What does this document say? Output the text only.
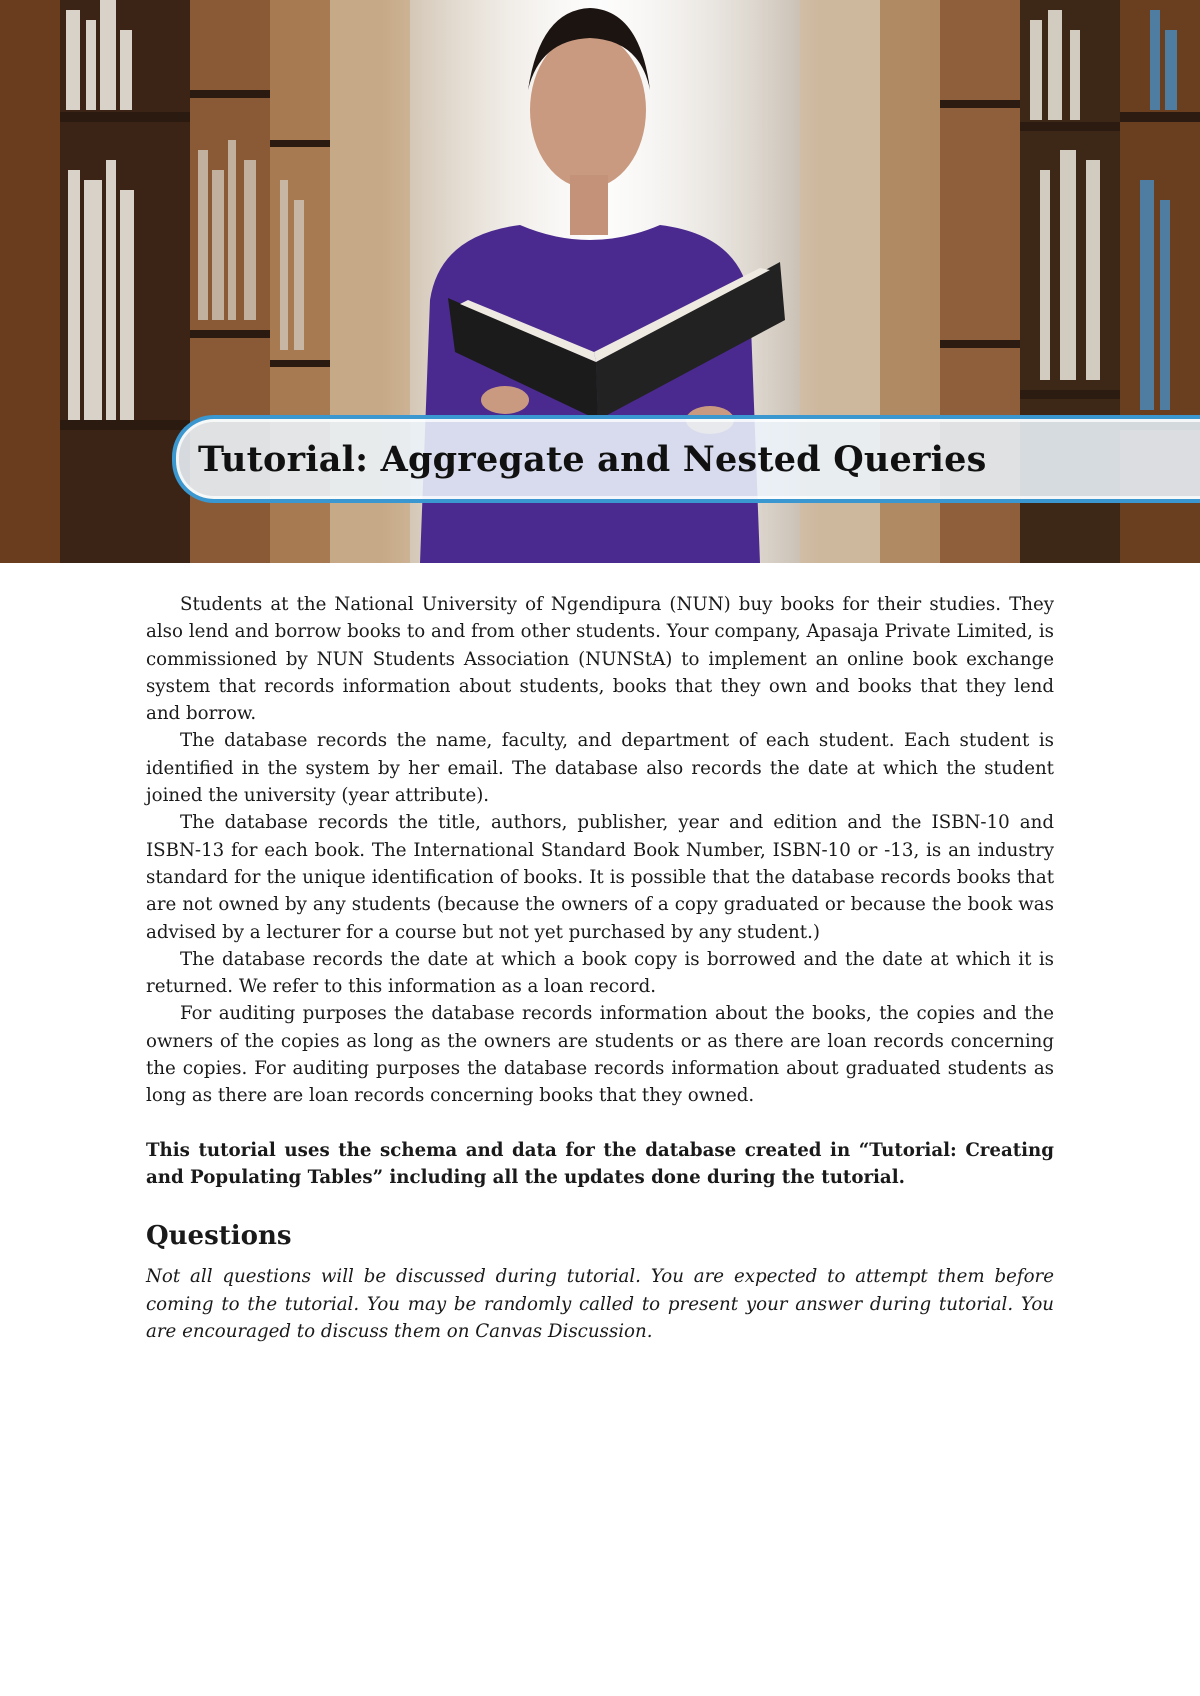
Tutorial: Aggregate and Nested Queries

Students at the National University of Ngendipura (NUN) buy books for their studies. They also lend and borrow books to and from other students. Your company, Apasaja Private Limited, is commissioned by NUN Students Association (NUNStA) to implement an online book exchange system that records information about students, books that they own and books that they lend and borrow.

The database records the name, faculty, and department of each student. Each student is identified in the system by her email. The database also records the date at which the student joined the university (year attribute).

The database records the title, authors, publisher, year and edition and the ISBN-10 and ISBN-13 for each book. The International Standard Book Number, ISBN-10 or -13, is an industry standard for the unique identification of books. It is possible that the database records books that are not owned by any students (because the owners of a copy graduated or because the book was advised by a lecturer for a course but not yet purchased by any student.)

The database records the date at which a book copy is borrowed and the date at which it is returned. We refer to this information as a loan record.

For auditing purposes the database records information about the books, the copies and the owners of the copies as long as the owners are students or as there are loan records concerning the copies. For auditing purposes the database records information about graduated students as long as there are loan records concerning books that they owned.

This tutorial uses the schema and data for the database created in “Tutorial: Creating and Populating Tables” including all the updates done during the tutorial.

Questions

Not all questions will be discussed during tutorial. You are expected to attempt them before coming to the tutorial. You may be randomly called to present your answer during tutorial. You are encouraged to discuss them on Canvas Discussion.
